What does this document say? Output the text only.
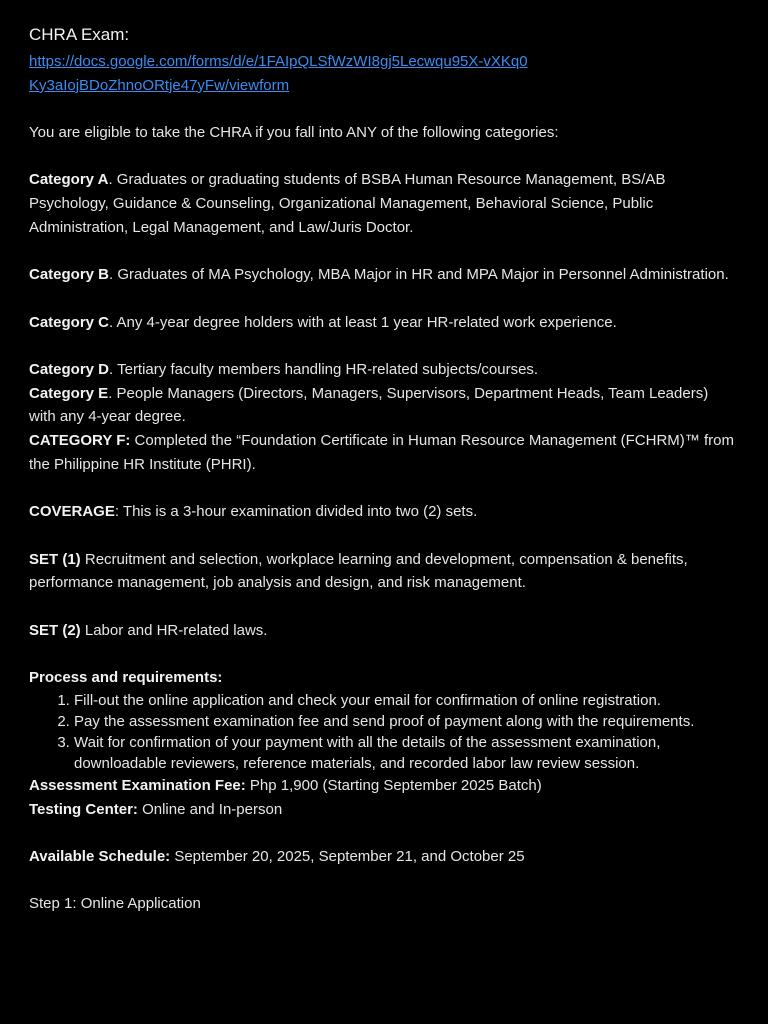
CHRA Exam:
https://docs.google.com/forms/d/e/1FAIpQLSfWzWI8gj5Lecwqu95X-vXKq0Ky3aIojBDoZhnoORtje47yFw/viewform

You are eligible to take the CHRA if you fall into ANY of the following categories:

Category A. Graduates or graduating students of BSBA Human Resource Management, BS/AB Psychology, Guidance & Counseling, Organizational Management, Behavioral Science, Public Administration, Legal Management, and Law/Juris Doctor.

Category B. Graduates of MA Psychology, MBA Major in HR and MPA Major in Personnel Administration.

Category C. Any 4-year degree holders with at least 1 year HR-related work experience.

Category D. Tertiary faculty members handling HR-related subjects/courses.

Category E. People Managers (Directors, Managers, Supervisors, Department Heads, Team Leaders) with any 4-year degree.

CATEGORY F: Completed the “Foundation Certificate in Human Resource Management (FCHRM)™ from the Philippine HR Institute (PHRI).

COVERAGE: This is a 3-hour examination divided into two (2) sets.

SET (1) Recruitment and selection, workplace learning and development, compensation & benefits, performance management, job analysis and design, and risk management.

SET (2) Labor and HR-related laws.

Process and requirements:

1. Fill-out the online application and check your email for confirmation of online registration.
2. Pay the assessment examination fee and send proof of payment along with the requirements.
3. Wait for confirmation of your payment with all the details of the assessment examination, downloadable reviewers, reference materials, and recorded labor law review session.

Assessment Examination Fee: Php 1,900 (Starting September 2025 Batch)

Testing Center: Online and In-person

Available Schedule: September 20, 2025, September 21, and October 25

Step 1: Online Application
